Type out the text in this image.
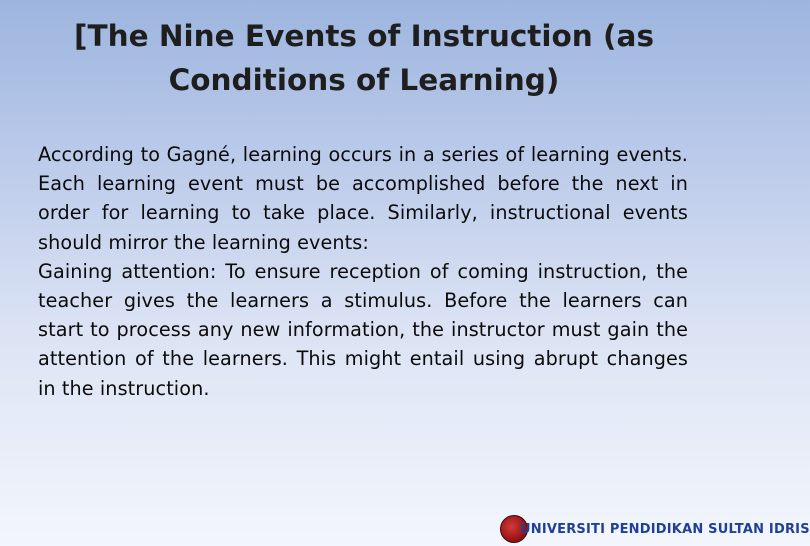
[The Nine Events of Instruction (as
Conditions of Learning)

According to Gagné, learning occurs in a series of learning events. Each learning event must be accomplished before the next in order for learning to take place. Similarly, instructional events should mirror the learning events:

Gaining attention: To ensure reception of coming instruction, the teacher gives the learners a stimulus. Before the learners can start to process any new information, the instructor must gain the attention of the learners. This might entail using abrupt changes in the instruction.

UNIVERSITI PENDIDIKAN SULTAN IDRIS
